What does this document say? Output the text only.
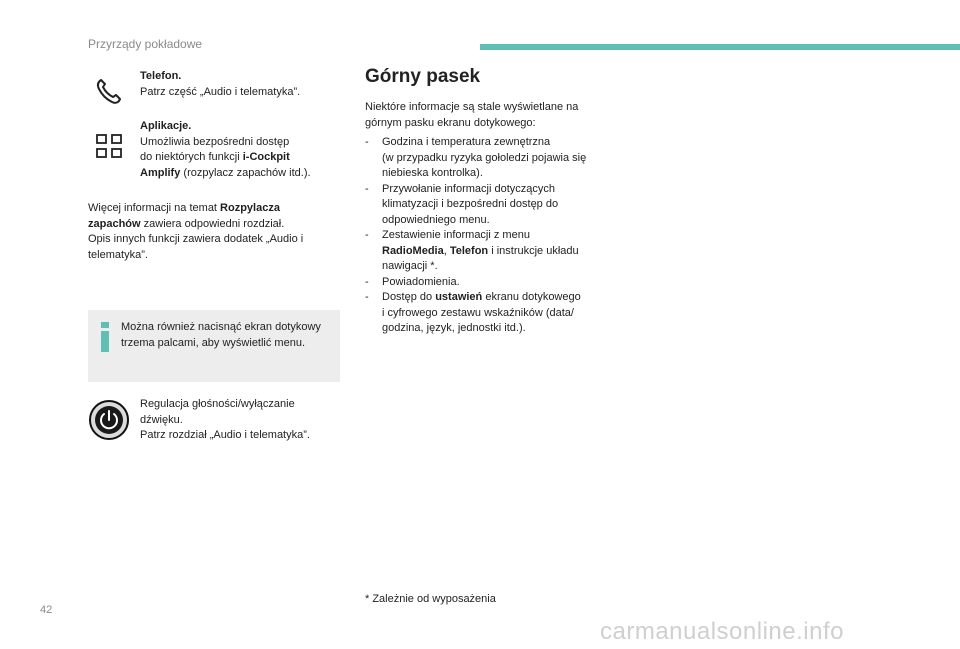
Przyrządy pokładowe

Telefon.

Patrz część „Audio i telematyka”.

Aplikacje.

Umożliwia bezpośredni dostęp

do niektórych funkcji i-Cockpit

Amplify (rozpylacz zapachów itd.).

Więcej informacji na temat Rozpylacza

zapachów zawiera odpowiedni rozdział.

Opis innych funkcji zawiera dodatek „Audio i

telematyka”.

Można również nacisnąć ekran dotykowy trzema palcami, aby wyświetlić menu.

Regulacja głośności/wyłączanie

dźwięku.

Patrz rozdział „Audio i telematyka”.

Górny pasek

Niektóre informacje są stale wyświetlane na

górnym pasku ekranu dotykowego:

- Godzina i temperatura zewnętrzna

(w przypadku ryzyka gołoledzi pojawia się

niebieska kontrolka).

- Przywołanie informacji dotyczących

klimatyzacji i bezpośredni dostęp do

odpowiedniego menu.

- Zestawienie informacji z menu

RadioMedia, Telefon i instrukcje układu

nawigacji *.

- Powiadomienia.

- Dostęp do ustawień ekranu dotykowego

i cyfrowego zestawu wskaźników (data/

godzina, język, jednostki itd.).

* Zależnie od wyposażenia
42
carmanualsonline.info
